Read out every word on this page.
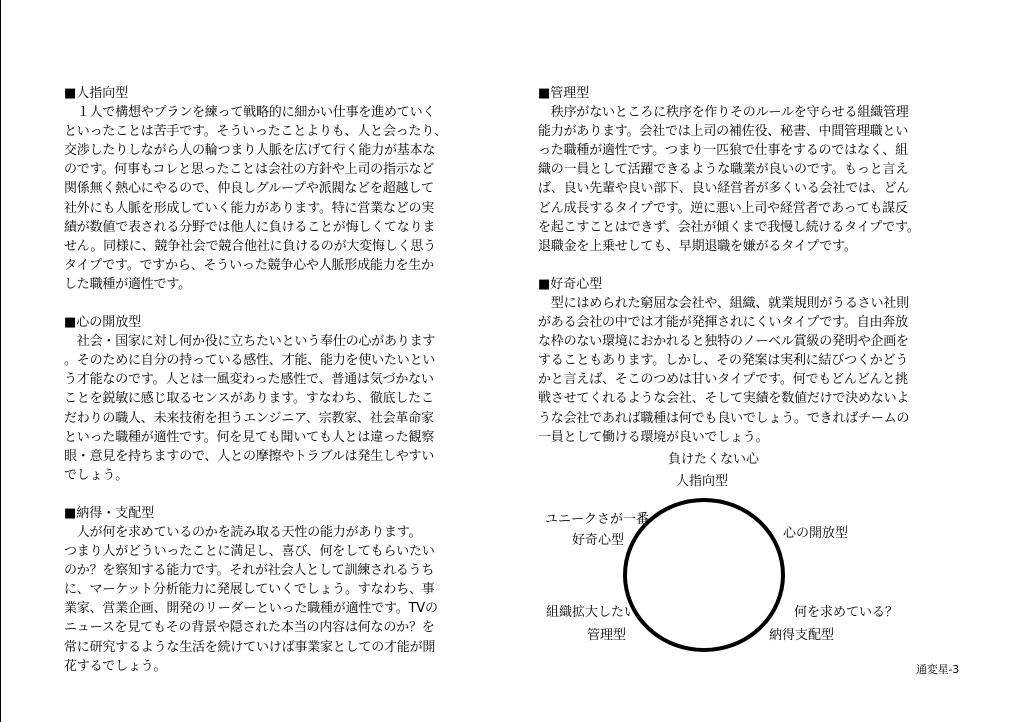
■人指向型
　１人で構想やプランを練って戦略的に細かい仕事を進めていく
といったことは苦手です。そういったことよりも、人と会ったり、
交渉したりしながら人の輪つまり人脈を広げて行く能力が基本な
のです。何事もコレと思ったことは会社の方針や上司の指示など
関係無く熱心にやるので、仲良しグループや派閥などを超越して
社外にも人脈を形成していく能力があります。特に営業などの実
績が数値で表される分野では他人に負けることが悔しくてなりま
せん。同様に、競争社会で競合他社に負けるのが大変悔しく思う
タイプです。ですから、そういった競争心や人脈形成能力を生か
した職種が適性です。
■心の開放型
　社会・国家に対し何か役に立ちたいという奉仕の心があります
。そのために自分の持っている感性、才能、能力を使いたいとい
う才能なのです。人とは一風変わった感性で、普通は気づかない
ことを鋭敏に感じ取るセンスがあります。すなわち、徹底したこ
だわりの職人、未来技術を担うエンジニア、宗教家、社会革命家
といった職種が適性です。何を見ても聞いても人とは違った観察
眼・意見を持ちますので、人との摩擦やトラブルは発生しやすい
でしょう。
■納得・支配型
　人が何を求めているのかを読み取る天性の能力があります。
つまり人がどういったことに満足し、喜び、何をしてもらいたい
のか？を察知する能力です。それが社会人として訓練されるうち
に、マーケット分析能力に発展していくでしょう。すなわち、事
業家、営業企画、開発のリーダーといった職種が適性です。TVの
ニュースを見てもその背景や隠された本当の内容は何なのか？を
常に研究するような生活を続けていけば事業家としての才能が開
花するでしょう。
■管理型
　秩序がないところに秩序を作りそのルールを守らせる組織管理
能力があります。会社では上司の補佐役、秘書、中間管理職とい
った職種が適性です。つまり一匹狼で仕事をするのではなく、組
織の一員として活躍できるような職業が良いのです。もっと言え
ば、良い先輩や良い部下、良い経営者が多くいる会社では、どん
どん成長するタイプです。逆に悪い上司や経営者であっても謀反
を起こすことはできず、会社が傾くまで我慢し続けるタイプです。
退職金を上乗せしても、早期退職を嫌がるタイプです。
■好奇心型
　型にはめられた窮屈な会社や、組織、就業規則がうるさい社則
がある会社の中では才能が発揮されにくいタイプです。自由奔放
な枠のない環境におかれると独特のノーベル賞級の発明や企画を
することもあります。しかし、その発案は実利に結びつくかどう
かと言えば、そこのつめは甘いタイプです。何でもどんどんと挑
戦させてくれるような会社、そして実績を数値だけで決めないよ
うな会社であれば職種は何でも良いでしょう。できればチームの
一員として働ける環境が良いでしょう。
負けたくない心
人指向型
心の開放型
ユニークさが一番
好奇心型
組織拡大したい
管理型
何を求めている？
納得支配型
通変星-3
